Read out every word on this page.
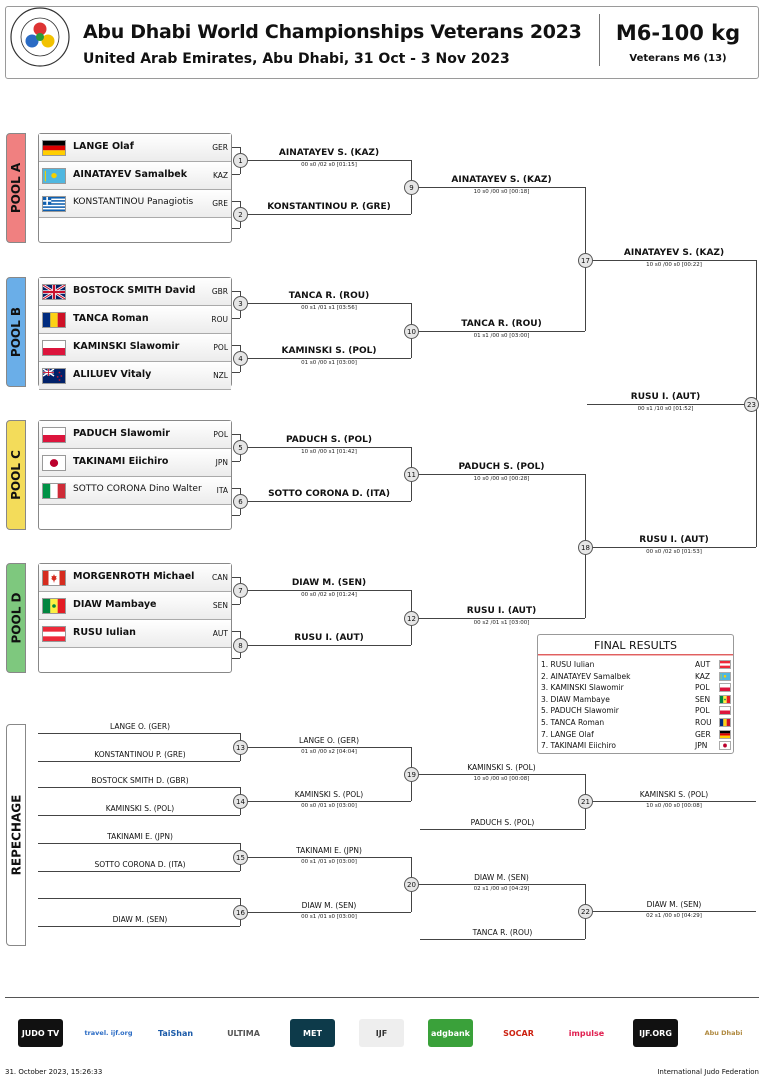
Abu Dhabi World Championships Veterans 2023
United Arab Emirates, Abu Dhabi, 31 Oct - 3 Nov 2023
M6-100 kg
Veterans M6 (13)
POOL A
LANGE Olaf	GER
AINATAYEV Samalbek	KAZ
KONSTANTINOU Panagiotis	GRE
POOL B
BOSTOCK SMITH David GBR
TANCA Roman	ROU
KAMINSKI Slawomir	POL
ALILUEV Vitaly	NZL
POOL C
PADUCH Slawomir	POL
TAKINAMI Eiichiro	JPN
SOTTO CORONA Dino Walter ITA
POOL D
MORGENROTH Michael CAN
DIAW Mambaye	SEN
RUSU Iulian	AUT
1
AINATAYEV S. (KAZ)
00 s0 /02 s0 [01:15]
2
KONSTANTINOU P. (GRE)
3
TANCA R. (ROU)
00 s1 /01 s1 [03:56]
4
KAMINSKI S. (POL)
01 s0 /00 s1 [03:00]
5
PADUCH S. (POL)
10 s0 /00 s1 [01:42]
6
SOTTO CORONA D. (ITA)
7
DIAW M. (SEN)
00 s0 /02 s0 [01:24]
8
RUSU I. (AUT)
9
AINATAYEV S. (KAZ)
10 s0 /00 s0 [00:18]
10
TANCA R. (ROU)
01 s1 /00 s0 [03:00]
11
PADUCH S. (POL)
10 s0 /00 s0 [00:28]
12
RUSU I. (AUT)
00 s2 /01 s1 [03:00]
17
AINATAYEV S. (KAZ)
10 s0 /00 s0 [00:22]
18
RUSU I. (AUT)
00 s0 /02 s0 [01:53]
23
RUSU I. (AUT)
00 s1 /10 s0 [01:52]
LANGE O. (GER)
KONSTANTINOU P. (GRE)
13
LANGE O. (GER)
01 s0 /00 s2 [04:04]
BOSTOCK SMITH D. (GBR)
KAMINSKI S. (POL)
14
KAMINSKI S. (POL)
00 s0 /01 s0 [03:00]
TAKINAMI E. (JPN)
SOTTO CORONA D. (ITA)
15
TAKINAMI E. (JPN)
00 s1 /01 s0 [03:00]
DIAW M. (SEN)
16
DIAW M. (SEN)
00 s1 /01 s0 [03:00]
19
KAMINSKI S. (POL)
10 s0 /00 s0 [00:08]
20
DIAW M. (SEN)
02 s1 /00 s0 [04:29]
PADUCH S. (POL)
TANCA R. (ROU)
21
22
KAMINSKI S. (POL)
10 s0 /00 s0 [00:08]
DIAW M. (SEN)
02 s1 /00 s0 [04:29]
REPECHAGE
FINAL RESULTS
1. RUSU Iulian	AUT
2. AINATAYEV Samalbek	KAZ
3. KAMINSKI Slawomir	POL
3. DIAW Mambaye	SEN
5. PADUCH Slawomir	POL
5. TANCA Roman	ROU
7. LANGE Olaf	GER
7. TAKINAMI Eiichiro	JPN
JUDO TV	travel. ijf.org	TaiShan	ULTIMA	MET	IJF	adgbank	SOCAR	impulse	IJF.ORG	Abu Dhabi
31. October 2023, 15:26:33	International Judo Federation
